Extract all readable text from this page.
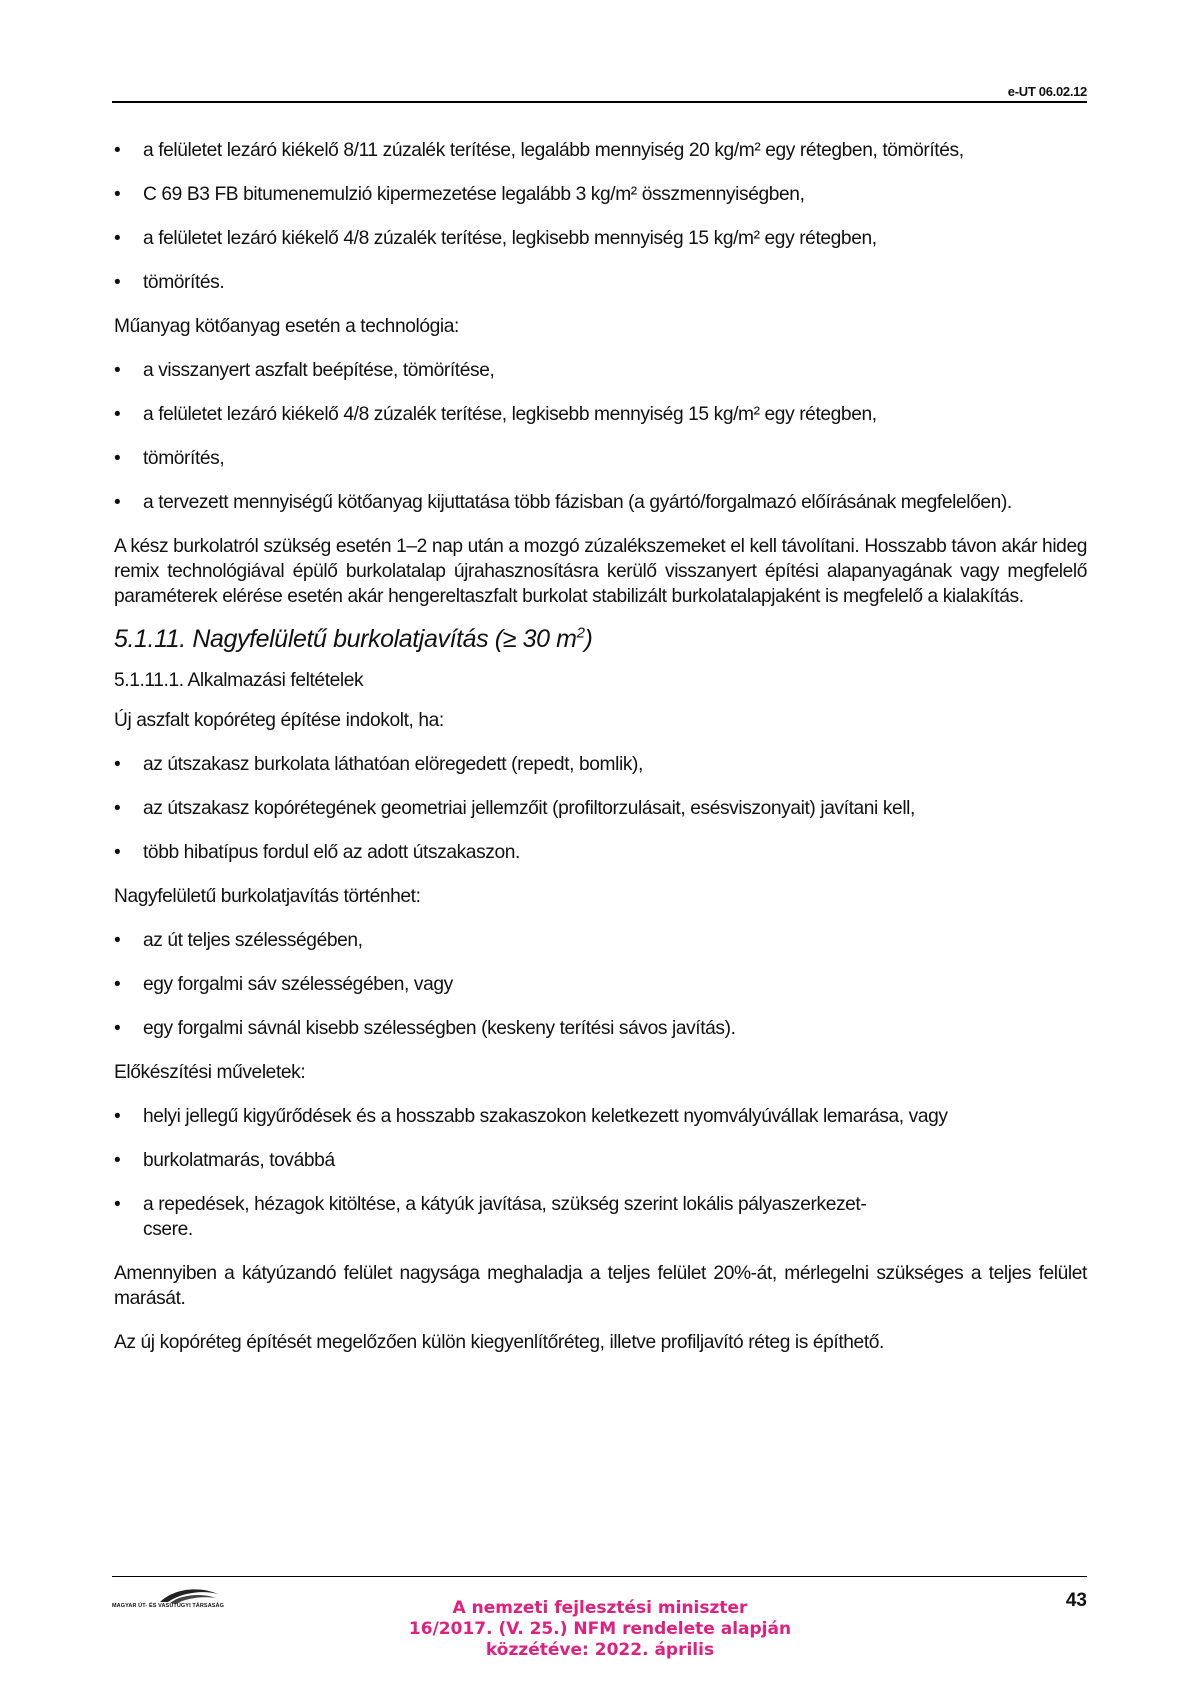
e-UT 06.02.12
•	a felületet lezáró kiékelő 8/11 zúzalék terítése, legalább mennyiség 20 kg/m² egy rétegben, tömörítés,
•	C 69 B3 FB bitumenemulzió kipermezetése legalább 3 kg/m² összmennyiségben,
•	a felületet lezáró kiékelő 4/8 zúzalék terítése, legkisebb mennyiség 15 kg/m² egy rétegben,
•	tömörítés.
Műanyag kötőanyag esetén a technológia:
•	a visszanyert aszfalt beépítése, tömörítése,
•	a felületet lezáró kiékelő 4/8 zúzalék terítése, legkisebb mennyiség 15 kg/m² egy rétegben,
•	tömörítés,
•	a tervezett mennyiségű kötőanyag kijuttatása több fázisban (a gyártó/forgalmazó előírásának megfelelően).
A kész burkolatról szükség esetén 1–2 nap után a mozgó zúzalékszemeket el kell távolítani. Hosszabb távon akár hideg remix technológiával épülő burkolatalap újrahasznosításra kerülő visszanyert építési alapanyagának vagy megfelelő paraméterek elérése esetén akár hengereltaszfalt burkolat stabilizált burkolatalapjaként is megfelelő a kialakítás.
5.1.11. Nagyfelületű burkolatjavítás (≥ 30 $m^2$)
5.1.11.1. Alkalmazási feltételek
Új aszfalt kopóréteg építése indokolt, ha:
•	az útszakasz burkolata láthatóan elöregedett (repedt, bomlik),
•	az útszakasz kopórétegének geometriai jellemzőit (profiltorzulásait, esésviszonyait) javítani kell,
•	több hibatípus fordul elő az adott útszakaszon.
Nagyfelületű burkolatjavítás történhet:
•	az út teljes szélességében,
•	egy forgalmi sáv szélességében, vagy
•	egy forgalmi sávnál kisebb szélességben (keskeny terítési sávos javítás).
Előkészítési műveletek:
•	helyi jellegű kigyűrődések és a hosszabb szakaszokon keletkezett nyomvályúvállak lemarása, vagy
•	burkolatmarás, továbbá
•	a repedések, hézagok kitöltése, a kátyúk javítása, szükség szerint lokális pályaszerkezet-csere.
Amennyiben a kátyúzandó felület nagysága meghaladja a teljes felület 20%-át, mérlegelni szükséges a teljes felület marását.
Az új kopóréteg építését megelőzően külön kiegyenlítőréteg, illetve profiljavító réteg is építhető.
MAGYAR ÚT- ÉS VASÚTÜGYI TÁRSASÁG	A nemzeti fejlesztési miniszter
16/2017. (V. 25.) NFM rendelete alapján
közzétéve: 2022. április
43
